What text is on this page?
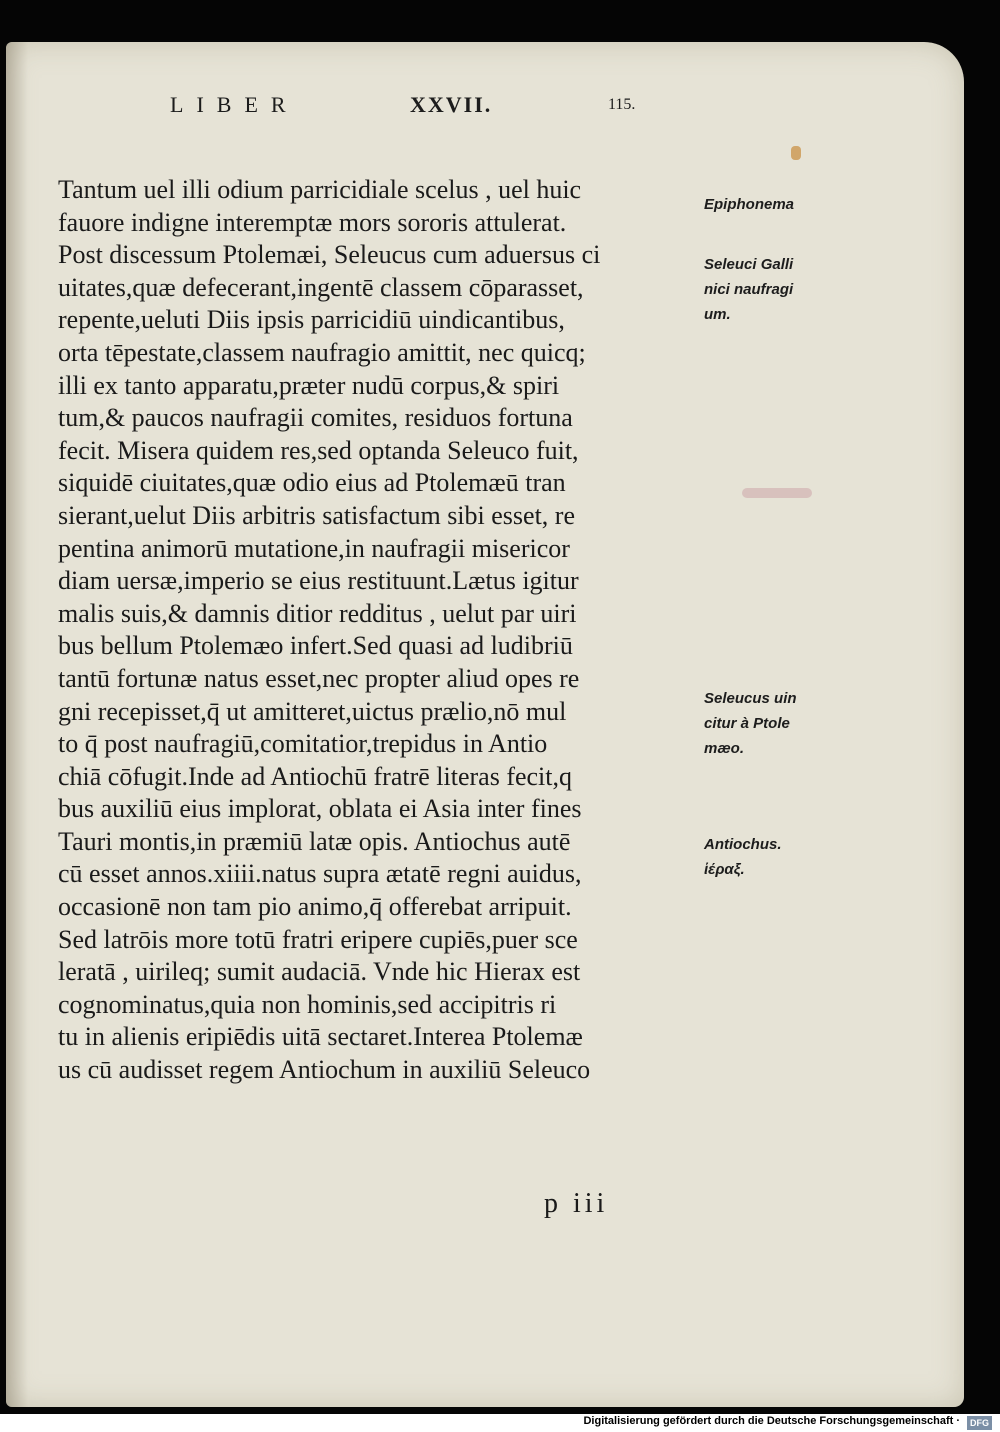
LIBER	XXVII.	115.
Tantum uel illi odium parricidiale scelus , uel huic
fauore indigne interemptæ mors sororis attulerat.
Post discessum Ptolemæi, Seleucus cum aduersus ci
uitates,quæ defecerant,ingentē classem cōparasset,
repente,ueluti Diis ipsis parricidiū uindicantibus,
orta tēpestate,classem naufragio amittit, nec quicq;
illi ex tanto apparatu,præter nudū corpus,& spiri
tum,& paucos naufragii comites, residuos fortuna
fecit. Misera quidem res,sed optanda Seleuco fuit,
siquidē ciuitates,quæ odio eius ad Ptolemæū tran
sierant,uelut Diis arbitris satisfactum sibi esset, re
pentina animorū mutatione,in naufragii misericor
diam uersæ,imperio se eius restituunt.Lætus igitur
malis suis,& damnis ditior redditus , uelut par uiri
bus bellum Ptolemæo infert.Sed quasi ad ludibriū
tantū fortunæ natus esset,nec propter aliud opes re
gni recepisset,q̄ ut amitteret,uictus prælio,nō mul
to q̄ post naufragiū,comitatior,trepidus in Antio
chiā cōfugit.Inde ad Antiochū fratrē literas fecit,q
bus auxiliū eius implorat, oblata ei Asia inter fines
Tauri montis,in præmiū latæ opis. Antiochus autē
cū esset annos.xiiii.natus supra ætatē regni auidus,
occasionē non tam pio animo,q̄ offerebat arripuit.
Sed latrōis more totū fratri eripere cupiēs,puer sce
leratā , uirileq; sumit audaciā. Vnde hic Hierax est
cognominatus,quia non hominis,sed accipitris ri
tu in alienis eripiēdis uitā sectaret.Interea Ptolemæ
us cū audisset regem Antiochum in auxiliū Seleuco
Epiphonema
Seleuci Galli
nici naufragi
um.
Seleucus uin
citur à Ptole
mæo.
Antiochus.
ἱέραξ.
p iii
Digitalisierung gefördert durch die Deutsche Forschungsgemeinschaft ·	DFG
